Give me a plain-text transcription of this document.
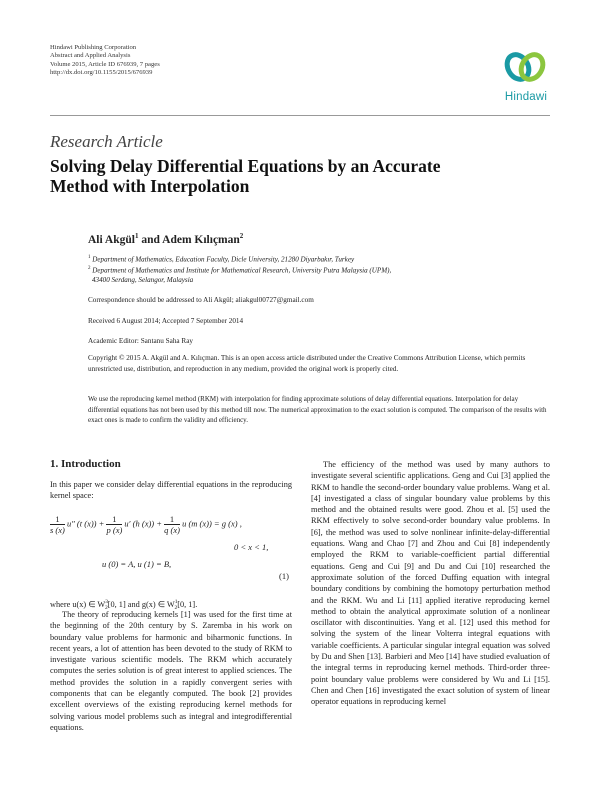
Hindawi Publishing Corporation
Abstract and Applied Analysis
Volume 2015, Article ID 676939, 7 pages
http://dx.doi.org/10.1155/2015/676939
Hindawi
Research Article
Solving Delay Differential Equations by an Accurate
Method with Interpolation
Ali Akgül$^1$ and Adem Kılıçman$^2$
$^1$ Department of Mathematics, Education Faculty, Dicle University, 21280 Diyarbakır, Turkey
$^2$ Department of Mathematics and Institute for Mathematical Research, University Putra Malaysia (UPM),
43400 Serdang, Selangor, Malaysia
Correspondence should be addressed to Ali Akgül; aliakgul00727@gmail.com
Received 6 August 2014; Accepted 7 September 2014
Academic Editor: Santanu Saha Ray
Copyright © 2015 A. Akgül and A. Kılıçman. This is an open access article distributed under the Creative Commons Attribution License, which permits unrestricted use, distribution, and reproduction in any medium, provided the original work is properly cited.
We use the reproducing kernel method (RKM) with interpolation for finding approximate solutions of delay differential equations. Interpolation for delay differential equations has not been used by this method till now. The numerical approximation to the exact solution is computed. The comparison of the results with exact ones is made to confirm the validity and efficiency.
1. Introduction

In this paper we consider delay differential equations in the reproducing kernel space:

$\frac{1}{s (x)} u''$ (t $(x)) + \frac{1}{p (x)} u'$ (h $(x)) + \frac{1}{q (x)}$ u (m (x)) = g (x) ,
0 < x < 1,
u (0) = A, u (1) = B,
(1)
where u(x) ∈ $W^3_2[0$, 1] and g(x) ∈ $W^1_2[0$, 1].

The theory of reproducing kernels [1] was used for the first time at the beginning of the 20th century by S. Zaremba in his work on boundary value problems for harmonic and biharmonic functions. In recent years, a lot of attention has been devoted to the study of RKM to investigate various scientific models. The RKM which accurately computes the series solution is of great interest to applied sciences. The method provides the solution in a rapidly convergent series with components that can be elegantly computed. The book [2] provides excellent overviews of the existing reproducing kernel methods for solving various model problems such as integral and integrodifferential equations.

The efficiency of the method was used by many authors to investigate several scientific applications. Geng and Cui [3] applied the RKM to handle the second-order boundary value problems. Wang et al. [4] investigated a class of singular boundary value problems by this method and the obtained results were good. Zhou et al. [5] used the RKM effectively to solve second-order boundary value problems. In [6], the method was used to solve nonlinear infinite-delay-differential equations. Wang and Chao [7] and Zhou and Cui [8] independently employed the RKM to variable-coefficient partial differential equations. Geng and Cui [9] and Du and Cui [10] researched the approximate solution of the forced Duffing equation with integral boundary conditions by combining the homotopy perturbation method and the RKM. Wu and Li [11] applied iterative reproducing kernel method to obtain the analytical approximate solution of a nonlinear oscillator with discontinuities. Yang et al. [12] used this method for solving the system of the linear Volterra integral equations with variable coefficients. A particular singular integral equation was solved by Du and Shen [13]. Barbieri and Meo [14] have studied evaluation of the integral terms in reproducing kernel methods. Third-order three-point boundary value problems were considered by Wu and Li [15]. Chen and Chen [16] investigated the exact solution of system of linear operator equations in reproducing kernel
